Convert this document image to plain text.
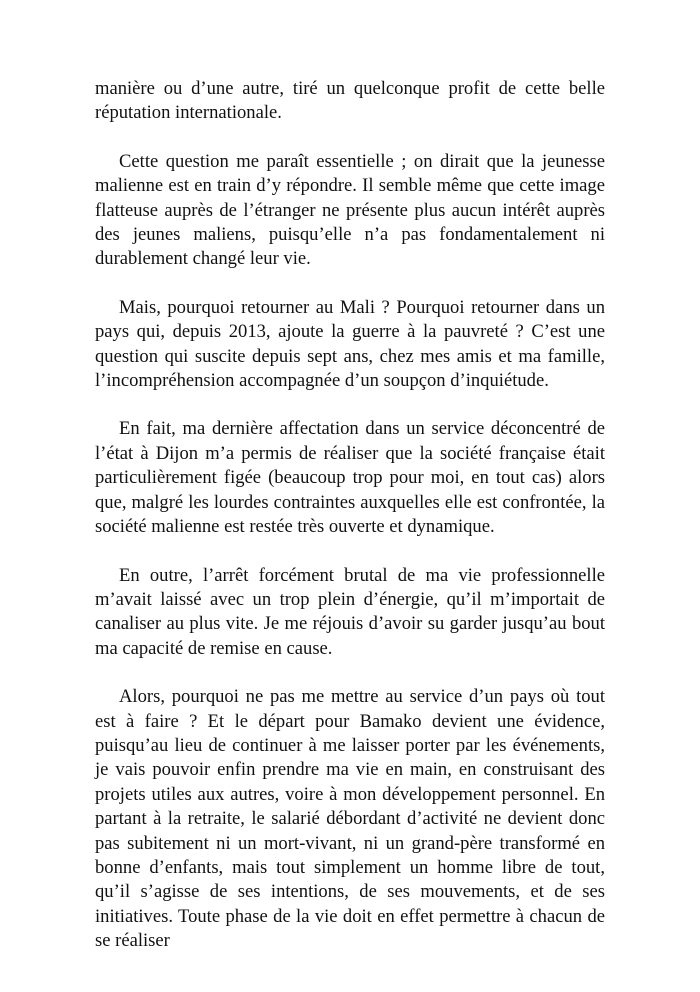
manière ou d’une autre, tiré un quelconque profit de cette belle réputation internationale.

Cette question me paraît essentielle ; on dirait que la jeunesse malienne est en train d’y répondre. Il semble même que cette image flatteuse auprès de l’étranger ne présente plus aucun intérêt auprès des jeunes maliens, puisqu’elle n’a pas fondamentalement ni durablement changé leur vie.

Mais, pourquoi retourner au Mali ? Pourquoi retourner dans un pays qui, depuis 2013, ajoute la guerre à la pauvreté ? C’est une question qui suscite depuis sept ans, chez mes amis et ma famille, l’incompréhension accompagnée d’un soupçon d’inquiétude.

En fait, ma dernière affectation dans un service déconcentré de l’état à Dijon m’a permis de réaliser que la société française était particulièrement figée (beaucoup trop pour moi, en tout cas) alors que, malgré les lourdes contraintes auxquelles elle est confrontée, la société malienne est restée très ouverte et dynamique.

En outre, l’arrêt forcément brutal de ma vie professionnelle m’avait laissé avec un trop plein d’énergie, qu’il m’importait de canaliser au plus vite. Je me réjouis d’avoir su garder jusqu’au bout ma capacité de remise en cause.

Alors, pourquoi ne pas me mettre au service d’un pays où tout est à faire ? Et le départ pour Bamako devient une évidence, puisqu’au lieu de continuer à me laisser porter par les événements, je vais pouvoir enfin prendre ma vie en main, en construisant des projets utiles aux autres, voire à mon développement personnel. En partant à la retraite, le salarié débordant d’activité ne devient donc pas subitement ni un mort-vivant, ni un grand-père transformé en bonne d’enfants, mais tout simplement un homme libre de tout, qu’il s’agisse de ses intentions, de ses mouvements, et de ses initiatives. Toute phase de la vie doit en effet permettre à chacun de se réaliser
